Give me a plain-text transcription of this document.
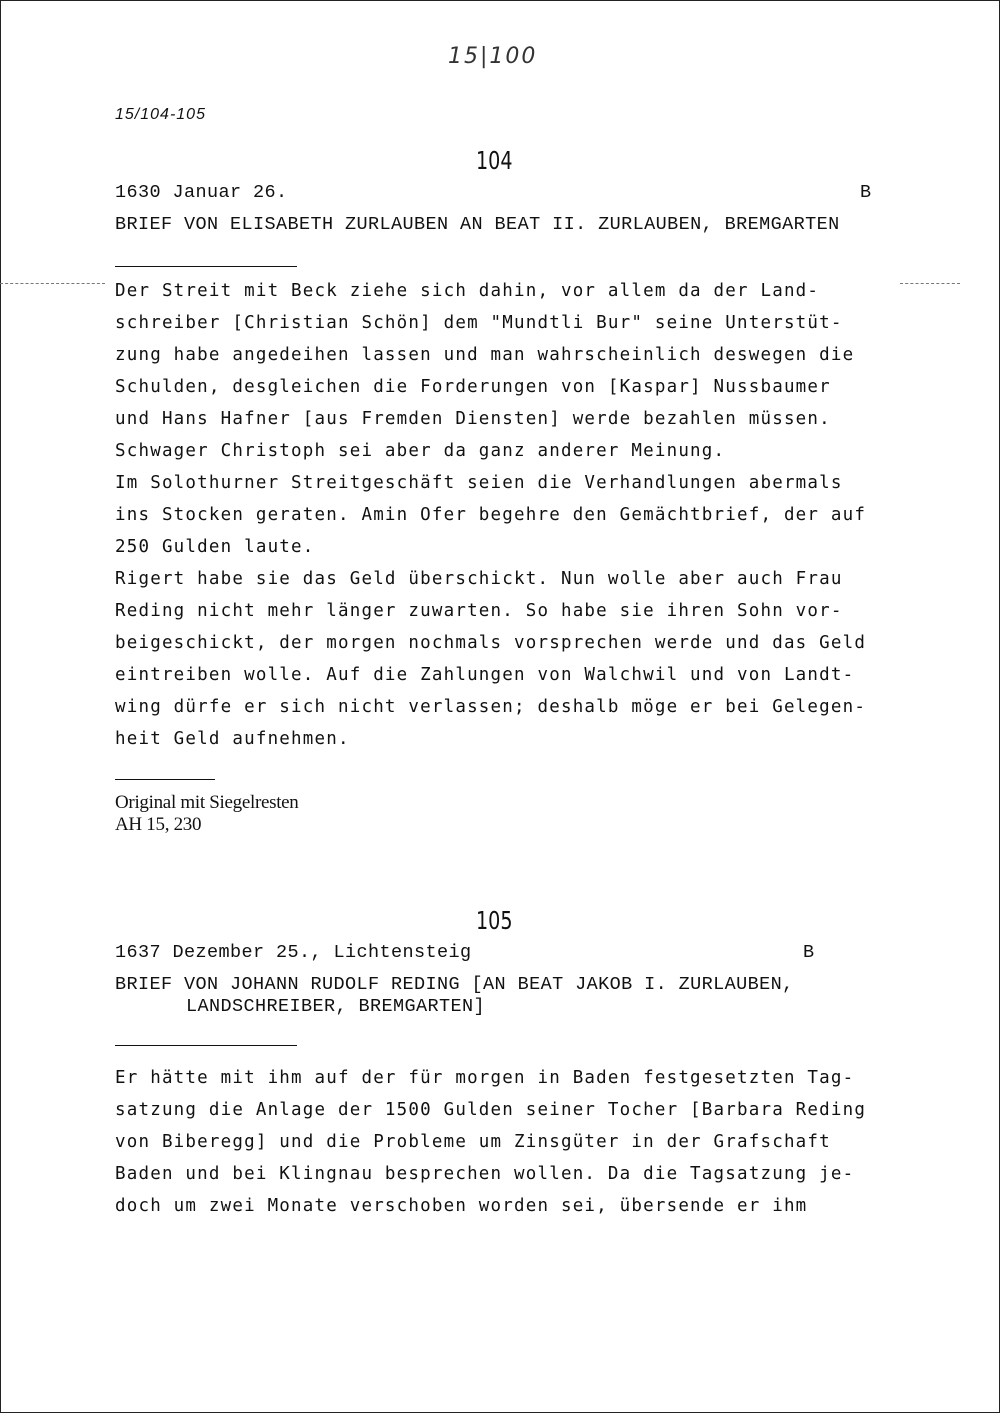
15|100
15/104-105
104
1630 Januar 26.	B
BRIEF VON ELISABETH ZURLAUBEN AN BEAT II. ZURLAUBEN, BREMGARTEN
Der Streit mit Beck ziehe sich dahin, vor allem da der Land-
schreiber [Christian Schön] dem "Mundtli Bur" seine Unterstüt-
zung habe angedeihen lassen und man wahrscheinlich deswegen die
Schulden, desgleichen die Forderungen von [Kaspar] Nussbaumer
und Hans Hafner [aus Fremden Diensten] werde bezahlen müssen.
Schwager Christoph sei aber da ganz anderer Meinung.
Im Solothurner Streitgeschäft seien die Verhandlungen abermals
ins Stocken geraten. Amin Ofer begehre den Gemächtbrief, der auf
250 Gulden laute.
Rigert habe sie das Geld überschickt. Nun wolle aber auch Frau
Reding nicht mehr länger zuwarten. So habe sie ihren Sohn vor-
beigeschickt, der morgen nochmals vorsprechen werde und das Geld
eintreiben wolle. Auf die Zahlungen von Walchwil und von Landt-
wing dürfe er sich nicht verlassen; deshalb möge er bei Gelegen-
heit Geld aufnehmen.
Original mit Siegelresten
AH 15, 230
105
1637 Dezember 25., Lichtensteig	B
BRIEF VON JOHANN RUDOLF REDING [AN BEAT JAKOB I. ZURLAUBEN,
LANDSCHREIBER, BREMGARTEN]
Er hätte mit ihm auf der für morgen in Baden festgesetzten Tag-
satzung die Anlage der 1500 Gulden seiner Tocher [Barbara Reding
von Biberegg] und die Probleme um Zinsgüter in der Grafschaft
Baden und bei Klingnau besprechen wollen. Da die Tagsatzung je-
doch um zwei Monate verschoben worden sei, übersende er ihm
